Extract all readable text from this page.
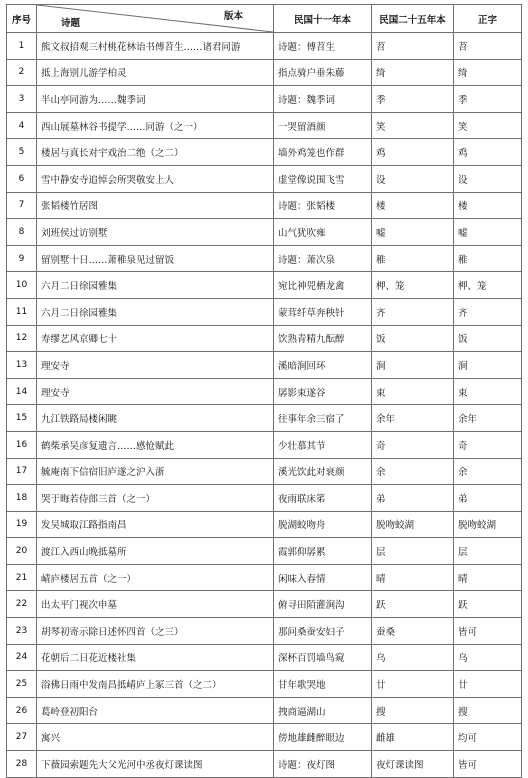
序号	版本
诗题	民国十一年本	民国二十五年本	正字
1	熊文叔招观三村桃花林诒书傅苕生……诸君同游	诗题：傅苕生	苕	苕
2	抵上海别儿游学柏灵	指点骑户垂朱藤	绮	绮
3	半山亭同游为……魏季词	诗题：魏季词	季	季
4	西山展墓林谷书提学……同游（之一）	一哭留酒颜	笑	笑
5	楼居与真长对宇戏治二绝（之二）	墙外鸡笼也作群	鸡	鸡
6	雪中静安寺追悼会所哭敬安上人	虚堂像说围飞雪	设	设
7	张韬楼竹居图	诗题：张韬楼	楼	楼
8	刘班侯过访别墅	山气犹吹雍	嘘	嘘
9	留别墅十日……萧稚泉见过留饭	诗题：萧次泉	稚	稚
10	六月二日徐园雅集	宛比神兕栖龙禽	柙、笼	柙、笼
11	六月二日徐园雅集	蒙茸纤草奔秧针	齐	齐
12	寿缪艺风京卿七十	饮熟青精九酝醇	饭	饭
13	理安寺	溪暗涧回环	涧	涧
14	理安寺	孱影束遂谷	束	束
15	九江铁路局楼闲眺	往事年余三宿了	余年	余年
16	鹤柴承吴彦复遗言……感怆赋此	少壮慕其节	奇	奇
17	毓庵南下信宿旧庐遂之沪入浙	溪光饮此对衰颜	余	余
18	哭于晦若侍郎三首（之一）	夜雨联床笫	弟	弟
19	发吴城取江路指南昌	脱湖蛟吻舟	脱吻蛟湖	脱吻蛟湖
20	渡江入西山晚抵墓所	霞郭仰孱累	层	层
21	崝庐楼居五首（之一）	闲味入春情	晴	晴
22	出太平门视次申墓	俯寻田陌灌涧沟	跃	跃
23	胡琴初寄示除日述怀四首（之三）	那问桑蚕安妇子	蚕桑	皆可
24	花朝后二日花近楼社集	深杯百罚墙鸟窥	乌	乌
25	浴佛日雨中发南昌抵崝庐上冢三首（之二）	甘年歌哭地	廿	廿
26	葛岭登初阳台	拽商逼湖山	搜	搜
27	寓兴	傍地雄雌醉眼边	雌雄	均可
28	下薇园索题先大父光河中丞夜灯课读图	诗题：夜灯图	夜灯课读图	皆可
